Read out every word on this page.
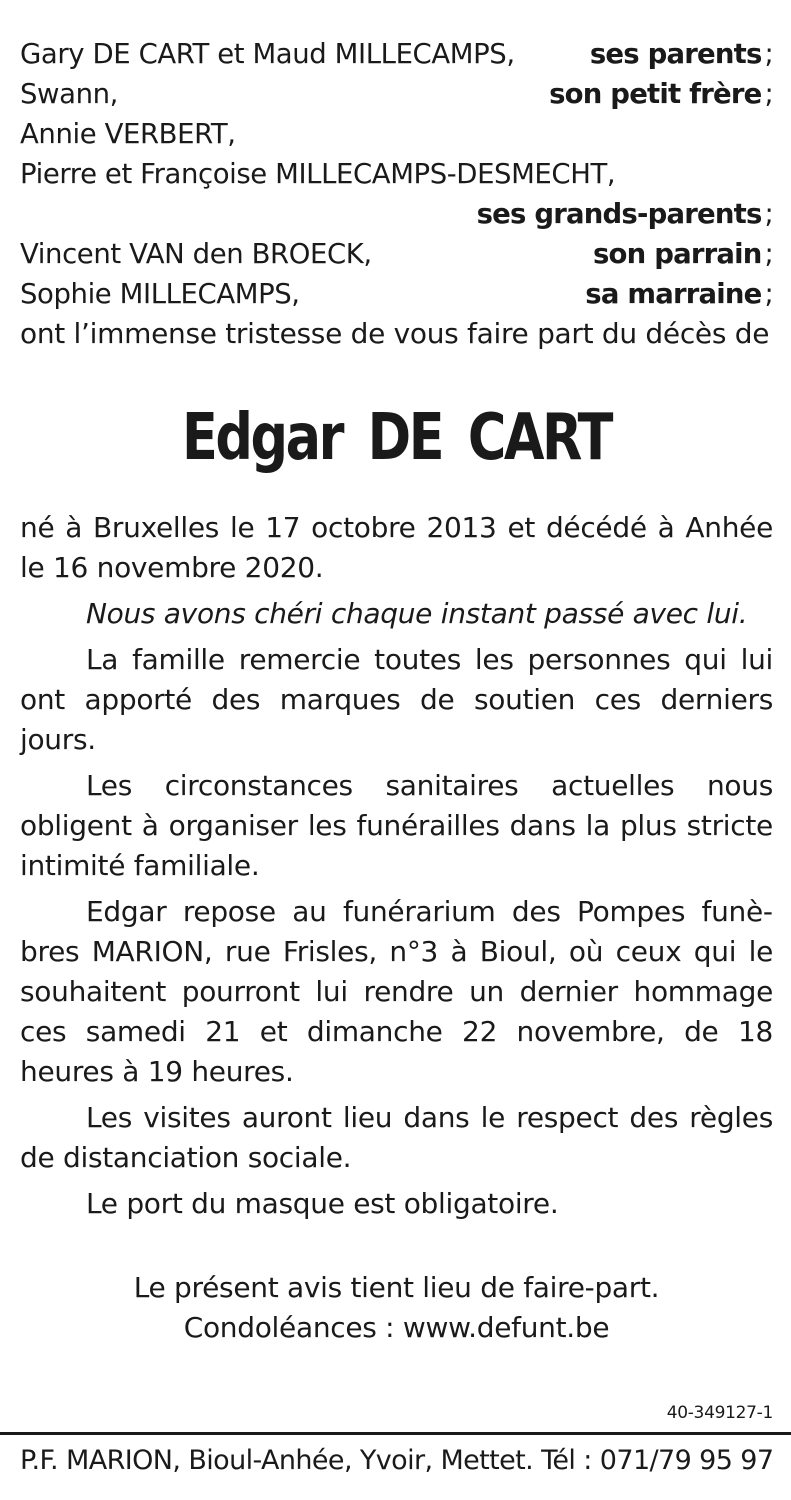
Gary DE CART et Maud MILLECAMPS,	ses parents ;
Swann,	son petit frère ;
Annie VERBERT,
Pierre et Françoise MILLECAMPS-DESMECHT,
ses grands-parents ;
Vincent VAN den BROECK,	son parrain ;
Sophie MILLECAMPS,	sa marraine ;
ont l’immense tristesse de vous faire part du décès de
Edgar DE CART

né à Bruxelles le 17 octobre 2013 et décédé à Anhée le 16 novembre 2020.

Nous avons chéri chaque instant passé avec lui.

La famille remercie toutes les personnes qui lui ont apporté des marques de soutien ces derniers jours.

Les circonstances sanitaires actuelles nous obligent à organiser les funérailles dans la plus stricte intimité familiale.

Edgar repose au funérarium des Pompes funèbres MARION, rue Frisles, n°3 à Bioul, où ceux qui le souhaitent pourront lui rendre un dernier hommage ces samedi 21 et dimanche 22 novembre, de 18 heures à 19 heures.

Les visites auront lieu dans le respect des règles de distanciation sociale.

Le port du masque est obligatoire.

Le présent avis tient lieu de faire-part.
Condoléances : www.defunt.be
40-349127-1
P.F. MARION, Bioul-Anhée, Yvoir, Mettet. Tél : 071/79 95 97
